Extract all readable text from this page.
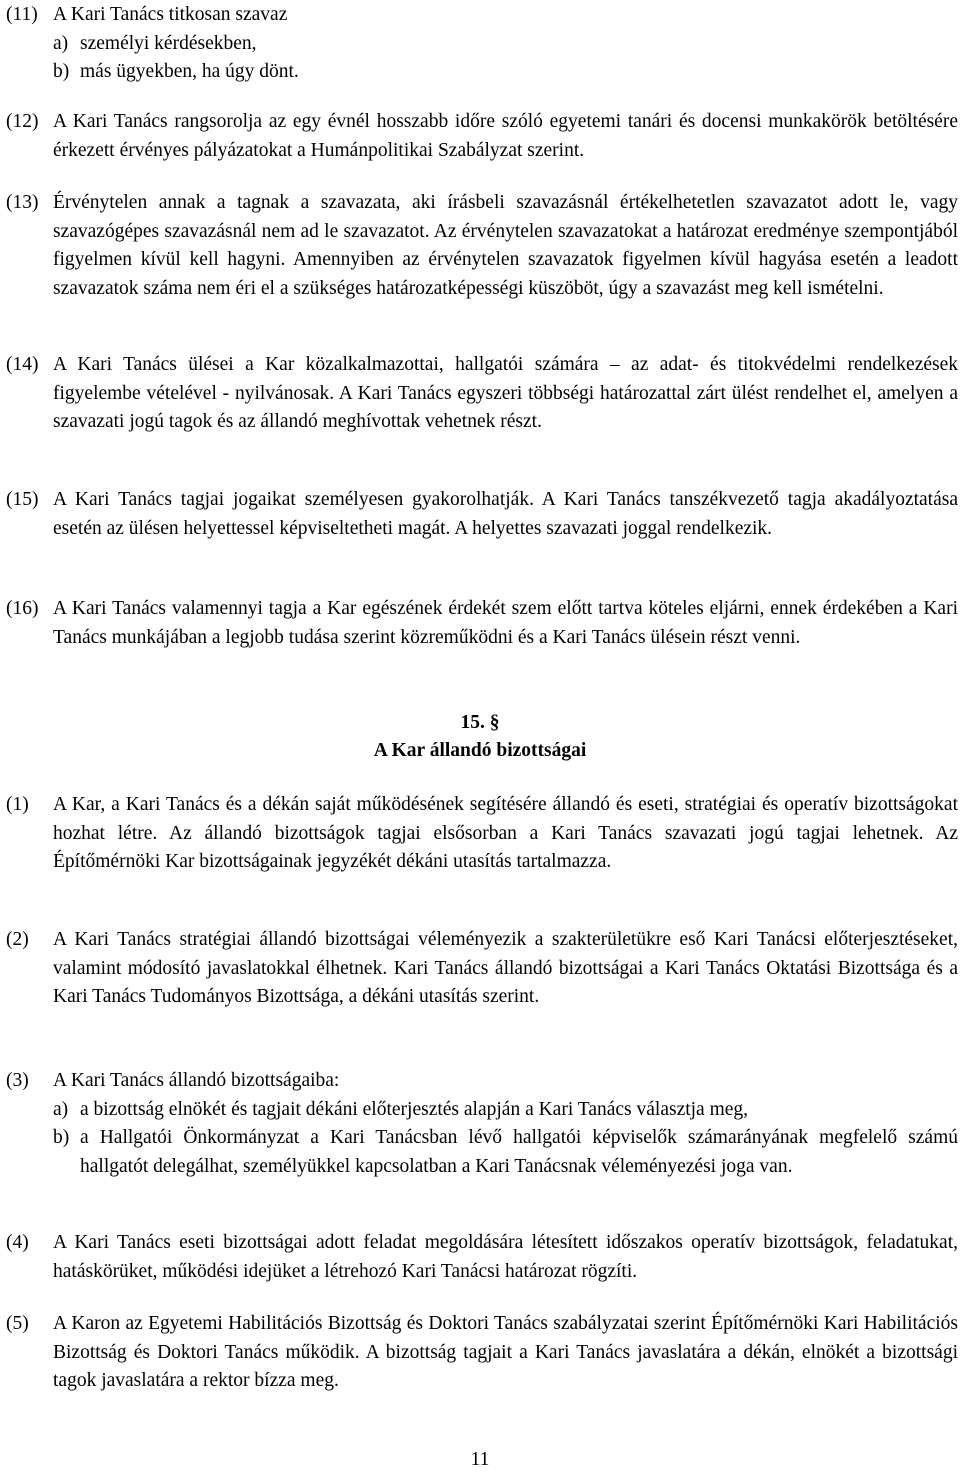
(11) A Kari Tanács titkosan szavaz
a) személyi kérdésekben,
b) más ügyekben, ha úgy dönt.
(12) A Kari Tanács rangsorolja az egy évnél hosszabb időre szóló egyetemi tanári és docensi munkakörök betöltésére érkezett érvényes pályázatokat a Humánpolitikai Szabályzat szerint.
(13) Érvénytelen annak a tagnak a szavazata, aki írásbeli szavazásnál értékelhetetlen szavazatot adott le, vagy szavazógépes szavazásnál nem ad le szavazatot. Az érvénytelen szavazatokat a határozat eredménye szempontjából figyelmen kívül kell hagyni. Amennyiben az érvénytelen szavazatok figyelmen kívül hagyása esetén a leadott szavazatok száma nem éri el a szükséges határozatképességi küszöböt, úgy a szavazást meg kell ismételni.
(14) A Kari Tanács ülései a Kar közalkalmazottai, hallgatói számára – az adat- és titokvédelmi rendelkezések figyelembe vételével - nyilvánosak. A Kari Tanács egyszeri többségi határozattal zárt ülést rendelhet el, amelyen a szavazati jogú tagok és az állandó meghívottak vehetnek részt.
(15) A Kari Tanács tagjai jogaikat személyesen gyakorolhatják. A Kari Tanács tanszékvezető tagja akadályoztatása esetén az ülésen helyettessel képviseltetheti magát. A helyettes szavazati joggal rendelkezik.
(16) A Kari Tanács valamennyi tagja a Kar egészének érdekét szem előtt tartva köteles eljárni, ennek érdekében a Kari Tanács munkájában a legjobb tudása szerint közreműködni és a Kari Tanács ülésein részt venni.
15. §
A Kar állandó bizottságai
(1) A Kar, a Kari Tanács és a dékán saját működésének segítésére állandó és eseti, stratégiai és operatív bizottságokat hozhat létre. Az állandó bizottságok tagjai elsősorban a Kari Tanács szavazati jogú tagjai lehetnek. Az Építőmérnöki Kar bizottságainak jegyzékét dékáni utasítás tartalmazza.
(2) A Kari Tanács stratégiai állandó bizottságai véleményezik a szakterületükre eső Kari Tanácsi előterjesztéseket, valamint módosító javaslatokkal élhetnek. Kari Tanács állandó bizottságai a Kari Tanács Oktatási Bizottsága és a Kari Tanács Tudományos Bizottsága, a dékáni utasítás szerint.
(3) A Kari Tanács állandó bizottságaiba:
a) a bizottság elnökét és tagjait dékáni előterjesztés alapján a Kari Tanács választja meg,
b) a Hallgatói Önkormányzat a Kari Tanácsban lévő hallgatói képviselők számarányának megfelelő számú hallgatót delegálhat, személyükkel kapcsolatban a Kari Tanácsnak véleményezési joga van.
(4) A Kari Tanács eseti bizottságai adott feladat megoldására létesített időszakos operatív bizottságok, feladatukat, hatáskörüket, működési idejüket a létrehozó Kari Tanácsi határozat rögzíti.
(5) A Karon az Egyetemi Habilitációs Bizottság és Doktori Tanács szabályzatai szerint Építőmérnöki Kari Habilitációs Bizottság és Doktori Tanács működik. A bizottság tagjait a Kari Tanács javaslatára a dékán, elnökét a bizottsági tagok javaslatára a rektor bízza meg.
11
